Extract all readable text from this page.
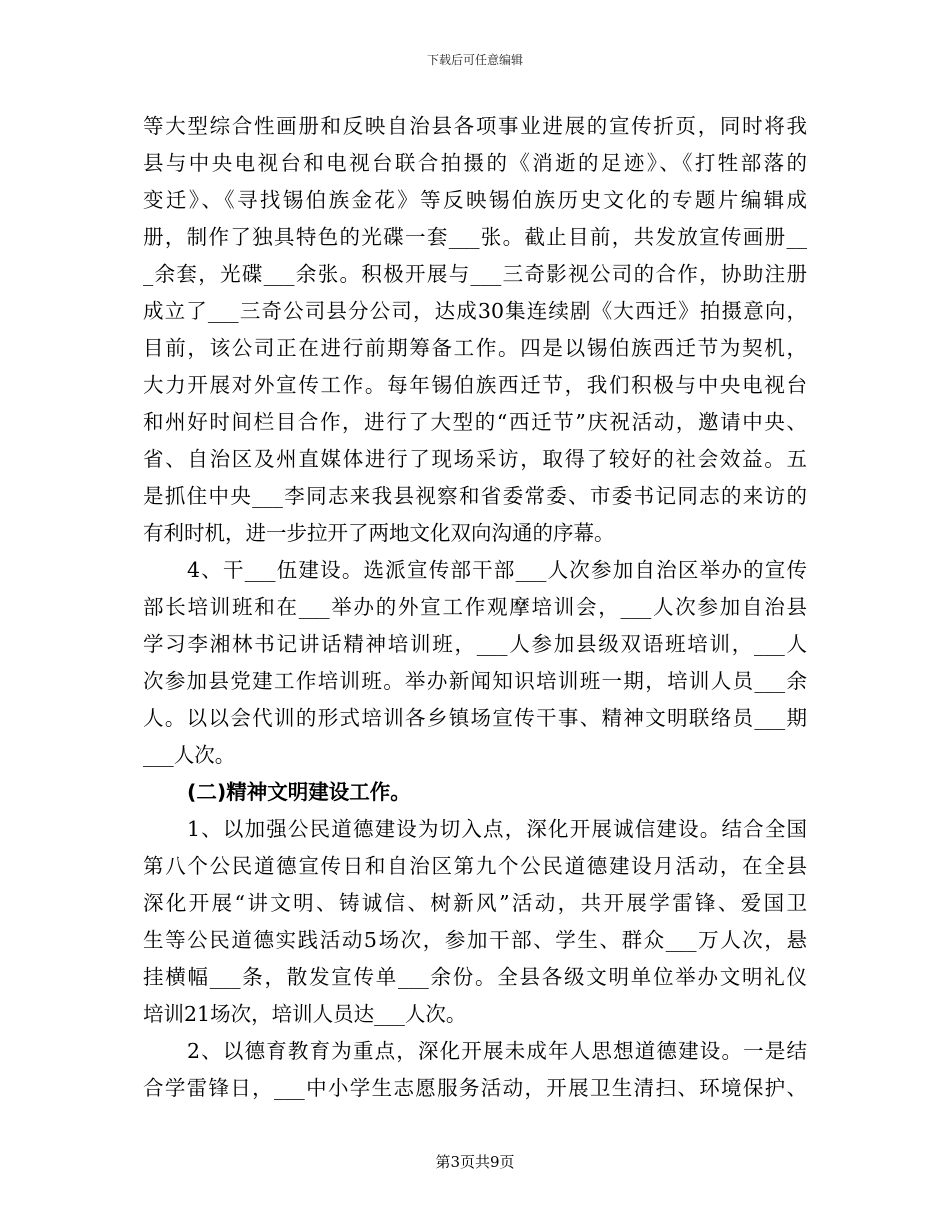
下载后可任意编辑
等大型综合性画册和反映自治县各项事业进展的宣传折页，同时将我
县与中央电视台和电视台联合拍摄的《消逝的足迹》、《打牲部落的
变迁》、《寻找锡伯族金花》等反映锡伯族历史文化的专题片编辑成
册，制作了独具特色的光碟一套___张。截止目前，共发放宣传画册__
_余套，光碟___余张。积极开展与___三奇影视公司的合作，协助注册
成立了___三奇公司县分公司，达成30集连续剧《大西迁》拍摄意向，
目前，该公司正在进行前期筹备工作。四是以锡伯族西迁节为契机，
大力开展对外宣传工作。每年锡伯族西迁节，我们积极与中央电视台
和州好时间栏目合作，进行了大型的“西迁节”庆祝活动，邀请中央、
省、自治区及州直媒体进行了现场采访，取得了较好的社会效益。五
是抓住中央___李同志来我县视察和省委常委、市委书记同志的来访的
有利时机，进一步拉开了两地文化双向沟通的序幕。
4、干___伍建设。选派宣传部干部___人次参加自治区举办的宣传
部长培训班和在___举办的外宣工作观摩培训会，___人次参加自治县
学习李湘林书记讲话精神培训班，___人参加县级双语班培训，___人
次参加县党建工作培训班。举办新闻知识培训班一期，培训人员___余
人。以以会代训的形式培训各乡镇场宣传干事、精神文明联络员___期
___人次。
(二)精神文明建设工作。
1、以加强公民道德建设为切入点，深化开展诚信建设。结合全国
第八个公民道德宣传日和自治区第九个公民道德建设月活动，在全县
深化开展“讲文明、铸诚信、树新风”活动，共开展学雷锋、爱国卫
生等公民道德实践活动5场次，参加干部、学生、群众___万人次，悬
挂横幅___条，散发宣传单___余份。全县各级文明单位举办文明礼仪
培训21场次，培训人员达___人次。
2、以德育教育为重点，深化开展未成年人思想道德建设。一是结
合学雷锋日，___中小学生志愿服务活动，开展卫生清扫、环境保护、
第3页共9页
